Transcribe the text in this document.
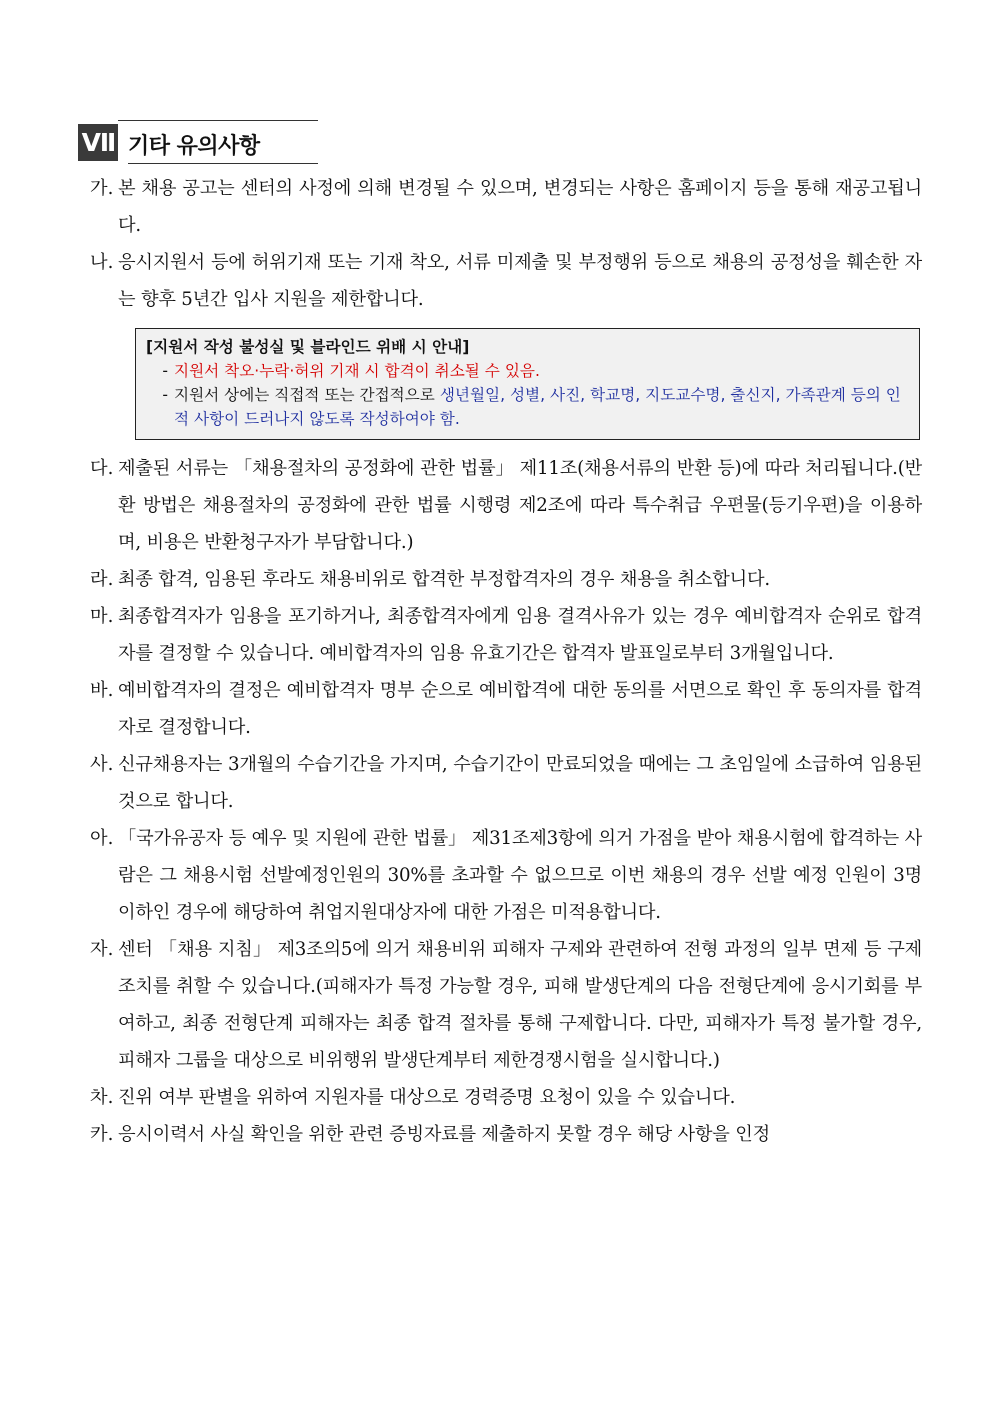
Ⅶ 기타 유의사항
가. 본 채용 공고는 센터의 사정에 의해 변경될 수 있으며, 변경되는 사항은 홈페이지 등을 통해 재공고됩니다.
나. 응시지원서 등에 허위기재 또는 기재 착오, 서류 미제출 및 부정행위 등으로 채용의 공정성을 훼손한 자는 향후 5년간 입사 지원을 제한합니다.
[지원서 작성 불성실 및 블라인드 위배 시 안내]
- 지원서 착오·누락·허위 기재 시 합격이 취소될 수 있음.
- 지원서 상에는 직접적 또는 간접적으로 생년월일, 성별, 사진, 학교명, 지도교수명, 출신지, 가족관계 등의 인적 사항이 드러나지 않도록 작성하여야 함.
다. 제출된 서류는 「채용절차의 공정화에 관한 법률」 제11조(채용서류의 반환 등)에 따라 처리됩니다.(반환 방법은 채용절차의 공정화에 관한 법률 시행령 제2조에 따라 특수취급 우편물(등기우편)을 이용하며, 비용은 반환청구자가 부담합니다.)
라. 최종 합격, 임용된 후라도 채용비위로 합격한 부정합격자의 경우 채용을 취소합니다.
마. 최종합격자가 임용을 포기하거나, 최종합격자에게 임용 결격사유가 있는 경우 예비합격자 순위로 합격자를 결정할 수 있습니다. 예비합격자의 임용 유효기간은 합격자 발표일로부터 3개월입니다.
바. 예비합격자의 결정은 예비합격자 명부 순으로 예비합격에 대한 동의를 서면으로 확인 후 동의자를 합격자로 결정합니다.
사. 신규채용자는 3개월의 수습기간을 가지며, 수습기간이 만료되었을 때에는 그 초임일에 소급하여 임용된 것으로 합니다.
아. 「국가유공자 등 예우 및 지원에 관한 법률」 제31조제3항에 의거 가점을 받아 채용시험에 합격하는 사람은 그 채용시험 선발예정인원의 30%를 초과할 수 없으므로 이번 채용의 경우 선발 예정 인원이 3명 이하인 경우에 해당하여 취업지원대상자에 대한 가점은 미적용합니다.
자. 센터 「채용 지침」 제3조의5에 의거 채용비위 피해자 구제와 관련하여 전형 과정의 일부 면제 등 구제조치를 취할 수 있습니다.(피해자가 특정 가능할 경우, 피해 발생단계의 다음 전형단계에 응시기회를 부여하고, 최종 전형단계 피해자는 최종 합격 절차를 통해 구제합니다. 다만, 피해자가 특정 불가할 경우, 피해자 그룹을 대상으로 비위행위 발생단계부터 제한경쟁시험을 실시합니다.)
차. 진위 여부 판별을 위하여 지원자를 대상으로 경력증명 요청이 있을 수 있습니다.
카. 응시이력서 사실 확인을 위한 관련 증빙자료를 제출하지 못할 경우 해당 사항을 인정
